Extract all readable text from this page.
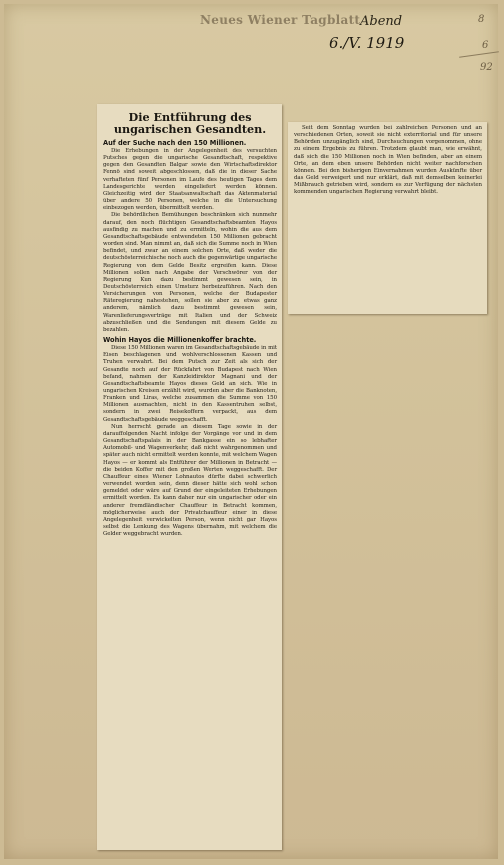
Neues Wiener Tagblatt Abend
6./V. 1919
8
6
92
Die Entführung des ungarischen Gesandten.
Auf der Suche nach den 150 Millionen.

Die Erhebungen in der Angelegenheit des versuchten Putsches gegen die ungarische Gesandtschaft, respektive gegen den Gesandten Balgar sowie den Wirtschaftsdirektor Fennö sind soweit abgeschlossen, daß die in dieser Sache verhafteten fünf Personen im Laufe des heutigen Tages dem Landesgerichte werden eingeliefert werden können. Gleichzeitig wird der Staatsanwaltschaft das Aktenmaterial über andere 50 Personen, welche in die Untersuchung einbezogen werden, übermittelt werden.

Die behördlichen Bemühungen beschränken sich nunmehr darauf, den noch flüchtigen Gesandtschaftsbeamten Hayos ausfindig zu machen und zu ermitteln, wohin die aus dem Gesandtschaftsgebäude entwendeten 150 Millionen gebracht worden sind. Man nimmt an, daß sich die Summe noch in Wien befindet, und zwar an einem solchen Orte, daß weder die deutschösterreichische noch auch die gegenwärtige ungarische Regierung von dem Gelde Besitz ergreifen kann. Diese Millionen sollen nach Angabe der Verschwörer von der Regierung Kun dazu bestimmt gewesen sein, in Deutschösterreich einen Umsturz herbeizuführen. Nach den Versicherungen von Personen, welche der Budapester Räteregierung nahestehen, sollen sie aber zu etwas ganz anderem, nämlich dazu bestimmt gewesen sein, Warenlieferungsverträge mit Italien und der Schweiz abzuschließen und die Sendungen mit diesem Gelde zu bezahlen.

Wohin Hayos die Millionenkoffer brachte.

Diese 150 Millionen waren im Gesandtschaftsgebäude in mit Eisen beschlagenen und wohlverschlossenen Kassen und Truhen verwahrt. Bei dem Putsch zur Zeit als sich der Gesandte noch auf der Rückfahrt von Budapest nach Wien befand, nahmen der Kanzleidirektor Magnani und der Gesandtschaftsbeamte Hayos dieses Geld an sich. Wie in ungarischen Kreisen erzählt wird, wurden aber die Banknoten, Franken und Liras, welche zusammen die Summe von 150 Millionen ausmachten, nicht in den Kassentruhen selbst, sondern in zwei Reisekoffern verpackt, aus dem Gesandtschaftsgebäude weggeschafft.

Nun herrscht gerade an diesem Tage sowie in der darauffolgenden Nacht infolge der Vorgänge vor und in dem Gesandtschaftspalais in der Bankgasse ein so lebhafter Automobil- und Wagenverkehr, daß nicht wahrgenommen und später auch nicht ermittelt werden konnte, mit welchem Wagen Hayos — er kommt als Entführer der Millionen in Betracht — die beiden Koffer mit den großen Werten weggeschafft. Der Chauffeur eines Wiener Lohnautos dürfte dabei schwerlich verwendet worden sein, denn dieser hätte sich wohl schon gemeldet oder wäre auf Grund der eingeleiteten Erhebungen ermittelt worden. Es kann daher nur ein ungarischer oder ein anderer fremdländischer Chauffeur in Betracht kommen, möglicherweise auch der Privatchauffeur einer in diese Angelegenheit verwickelten Person, wenn nicht gar Hayos selbst die Lenkung des Wagens übernahm, mit welchem die Gelder weggebracht wurden.

Seit dem Sonntag wurden bei zahlreichen Personen und an verschiedenen Orten, soweit sie nicht exterritorial und für unsere Behörden unzugänglich sind, Durchsuchungen vorgenommen, ohne zu einem Ergebnis zu führen. Trotzdem glaubt man, wie erwähnt, daß sich die 150 Millionen noch in Wien befinden, aber an einem Orte, an dem eben unsere Behörden nicht weiter nachforschen können. Bei den bisherigen Einvernahmen wurden Auskünfte über das Geld verweigert und nur erklärt, daß mit demselben keinerlei Mißbrauch getrieben wird, sondern es zur Verfügung der nächsten kommenden ungarischen Regierung verwahrt bleibt.
